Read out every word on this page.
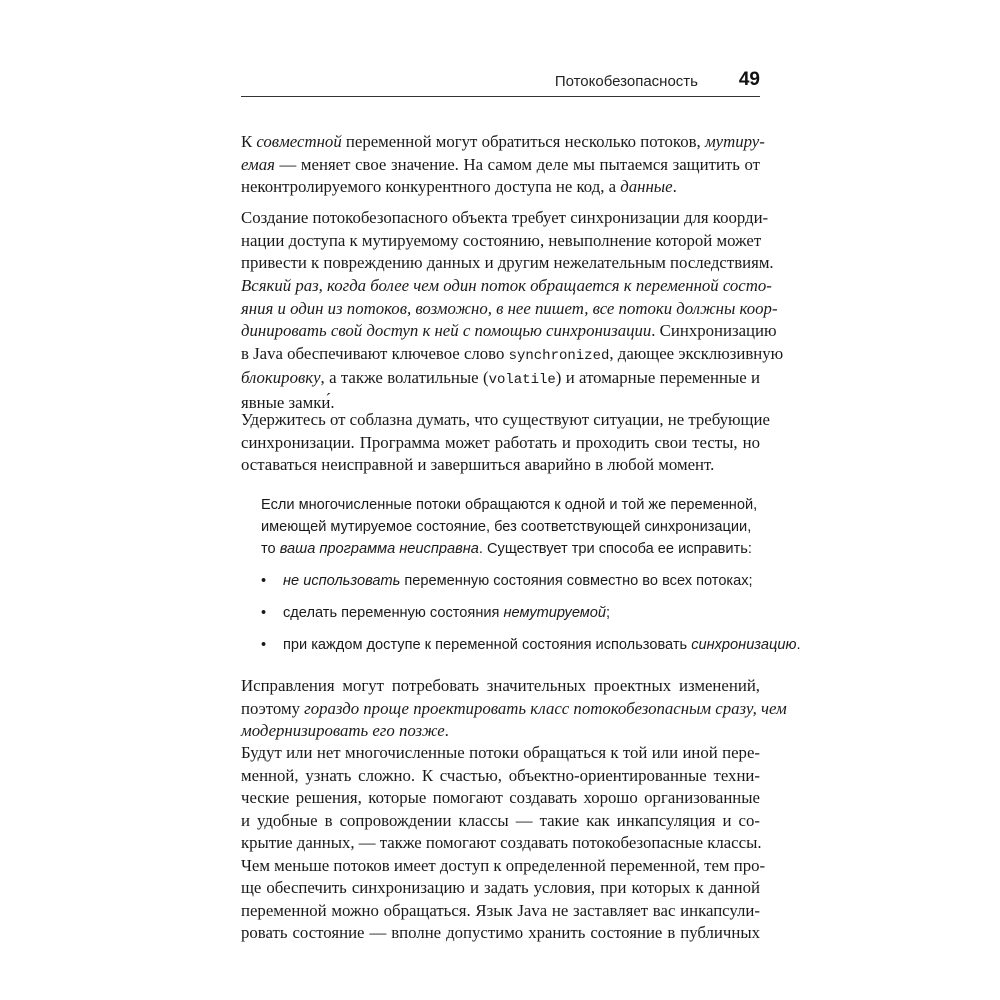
Потокобезопасность 49
К совместной переменной могут обратиться несколько потоков, мутиру-
емая — меняет свое значение. На самом деле мы пытаемся защитить от
неконтролируемого конкурентного доступа не код, а данные.
Создание потокобезопасного объекта требует синхронизации для коорди-
нации доступа к мутируемому состоянию, невыполнение которой может
привести к повреждению данных и другим нежелательным последствиям.
Всякий раз, когда более чем один поток обращается к переменной состо-
яния и один из потоков, возможно, в нее пишет, все потоки должны коор-
динировать свой доступ к ней с помощью синхронизации. Синхронизацию
в Java обеспечивают ключевое слово synchronized, дающее эксклюзивную
блокировку, а также волатильные (volatile) и атомарные переменные и
явные замки́.
Удержитесь от соблазна думать, что существуют ситуации, не требующие
синхронизации. Программа может работать и проходить свои тесты, но
оставаться неисправной и завершиться аварийно в любой момент.
Если многочисленные потоки обращаются к одной и той же переменной,
имеющей мутируемое состояние, без соответствующей синхронизации,
то ваша программа неисправна. Существует три способа ее исправить:
• не использовать переменную состояния совместно во всех потоках;
• сделать переменную состояния немутируемой;
• при каждом доступе к переменной состояния использовать синхронизацию.
Исправления могут потребовать значительных проектных изменений,
поэтому гораздо проще проектировать класс потокобезопасным сразу, чем
модернизировать его позже.
Будут или нет многочисленные потоки обращаться к той или иной пере-
менной, узнать сложно. К счастью, объектно-ориентированные техни-
ческие решения, которые помогают создавать хорошо организованные
и удобные в сопровождении классы — такие как инкапсуляция и со-
крытие данных, — также помогают создавать потокобезопасные классы.
Чем меньше потоков имеет доступ к определенной переменной, тем про-
ще обеспечить синхронизацию и задать условия, при которых к данной
переменной можно обращаться. Язык Java не заставляет вас инкапсули-
ровать состояние — вполне допустимо хранить состояние в публичных
